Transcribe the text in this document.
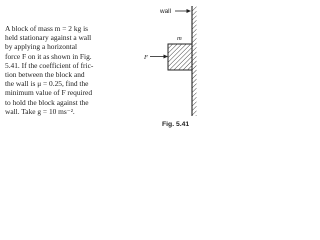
A block of mass m = 2 kg is
held stationary against a wall
by applying a horizontal
force F on it as shown in Fig.
5.41. If the coefficient of fric-
tion between the block and
the wall is μ = 0.25, find the
minimum value of F required
to hold the block against the
wall. Take g = 10 ms⁻².
wall
m
F
Fig. 5.41
